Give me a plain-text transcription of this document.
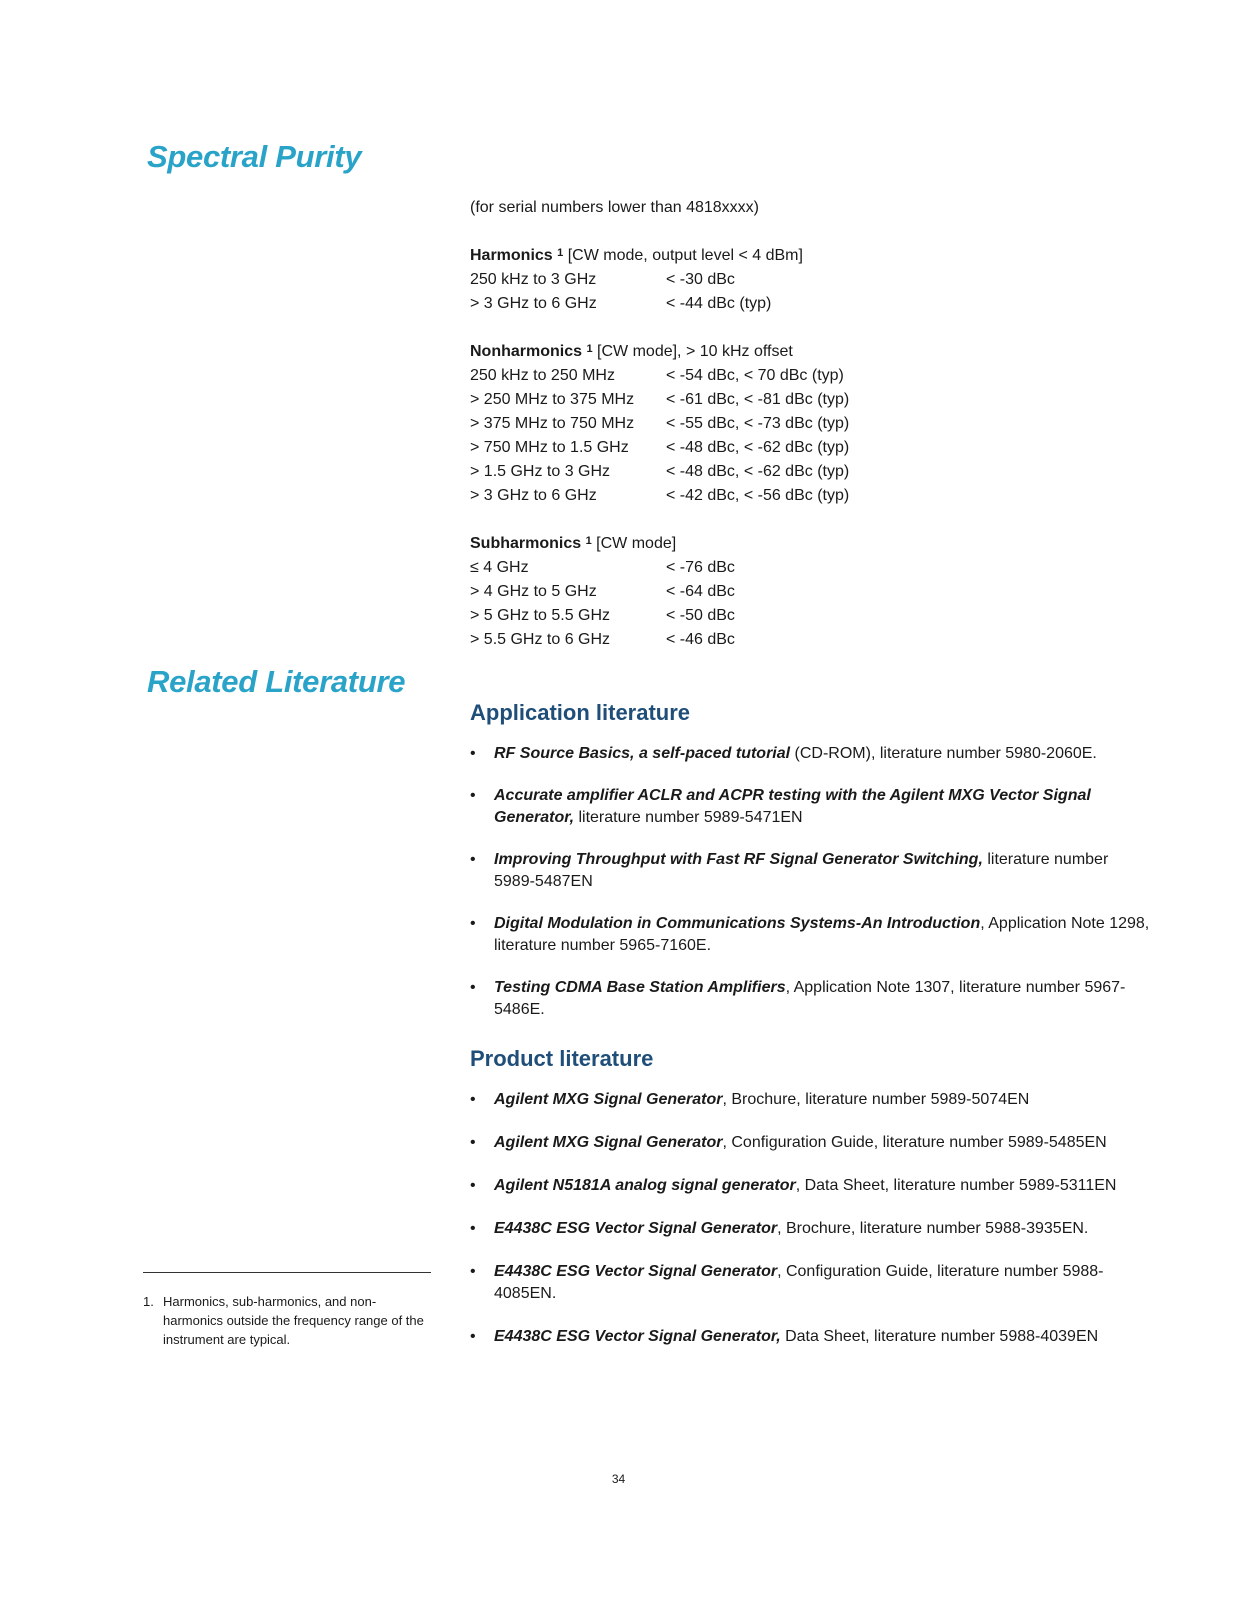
Spectral Purity
(for serial numbers lower than 4818xxxx)
Harmonics $^1$ [CW mode, output level < 4 dBm]
250 kHz to 3 GHz	< -30 dBc
> 3 GHz to 6 GHz	< -44 dBc (typ)
Nonharmonics $^1$ [CW mode], > 10 kHz offset
250 kHz to 250 MHz	< -54 dBc, < 70 dBc (typ)
> 250 MHz to 375 MHz	< -61 dBc, < -81 dBc (typ)
> 375 MHz to 750 MHz	< -55 dBc, < -73 dBc (typ)
> 750 MHz to 1.5 GHz	< -48 dBc, < -62 dBc (typ)
> 1.5 GHz to 3 GHz	< -48 dBc, < -62 dBc (typ)
> 3 GHz to 6 GHz	< -42 dBc, < -56 dBc (typ)
Subharmonics $^1$ [CW mode]
≤ 4 GHz	< -76 dBc
> 4 GHz to 5 GHz	< -64 dBc
> 5 GHz to 5.5 GHz	< -50 dBc
> 5.5 GHz to 6 GHz	< -46 dBc
Related Literature
Application literature
• RF Source Basics, a self-paced tutorial (CD-ROM), literature number 5980-2060E.
• Accurate amplifier ACLR and ACPR testing with the Agilent MXG Vector Signal Generator, literature number 5989-5471EN
• Improving Throughput with Fast RF Signal Generator Switching, literature number 5989-5487EN
• Digital Modulation in Communications Systems-An Introduction, Application Note 1298, literature number 5965-7160E.
• Testing CDMA Base Station Amplifiers, Application Note 1307, literature number 5967-5486E.
Product literature
• Agilent MXG Signal Generator, Brochure, literature number 5989-5074EN
• Agilent MXG Signal Generator, Configuration Guide, literature number 5989-5485EN
• Agilent N5181A analog signal generator, Data Sheet, literature number 5989-5311EN
• E4438C ESG Vector Signal Generator, Brochure, literature number 5988-3935EN.
• E4438C ESG Vector Signal Generator, Configuration Guide, literature number 5988-4085EN.
• E4438C ESG Vector Signal Generator, Data Sheet, literature number 5988-4039EN
1. Harmonics, sub-harmonics, and non-harmonics outside the frequency range of the instrument are typical.
34
